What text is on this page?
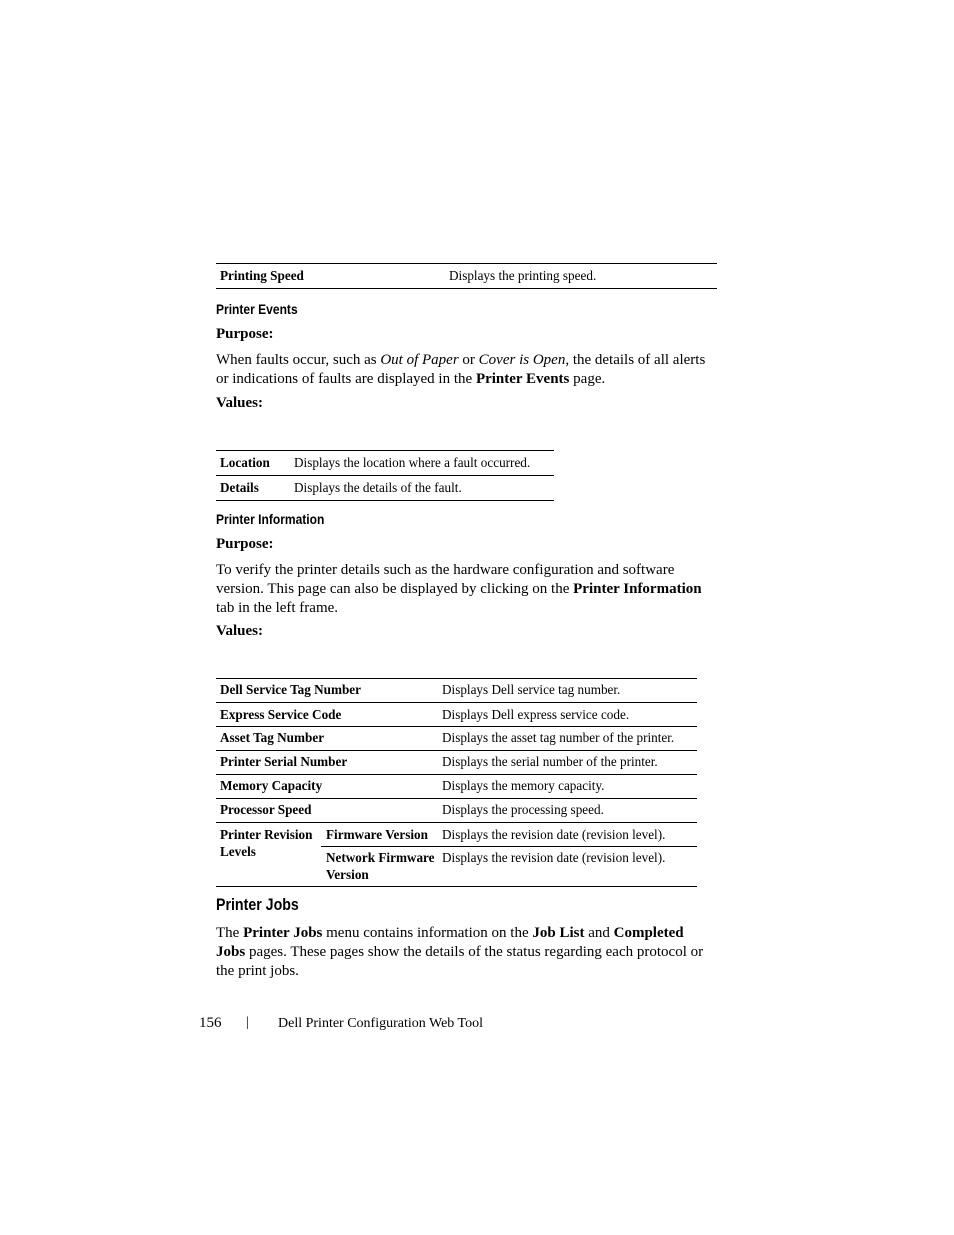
Printing Speed	Displays the printing speed.
Printer Events
Purpose:
When faults occur, such as Out of Paper or Cover is Open, the details of all alerts or indications of faults are displayed in the Printer Events page.
Values:
Location	Displays the location where a fault occurred.
Details	Displays the details of the fault.
Printer Information
Purpose:
To verify the printer details such as the hardware configuration and software version. This page can also be displayed by clicking on the Printer Information tab in the left frame.
Values:
Dell Service Tag Number		Displays Dell service tag number.
Express Service Code		Displays Dell express service code.
Asset Tag Number		Displays the asset tag number of the printer.
Printer Serial Number		Displays the serial number of the printer.
Memory Capacity		Displays the memory capacity.
Processor Speed		Displays the processing speed.
Printer Revision Levels	Firmware Version	Displays the revision date (revision level).
	Network Firmware Version	Displays the revision date (revision level).
Printer Jobs
The Printer Jobs menu contains information on the Job List and Completed Jobs pages. These pages show the details of the status regarding each protocol or the print jobs.
156 | Dell Printer Configuration Web Tool
